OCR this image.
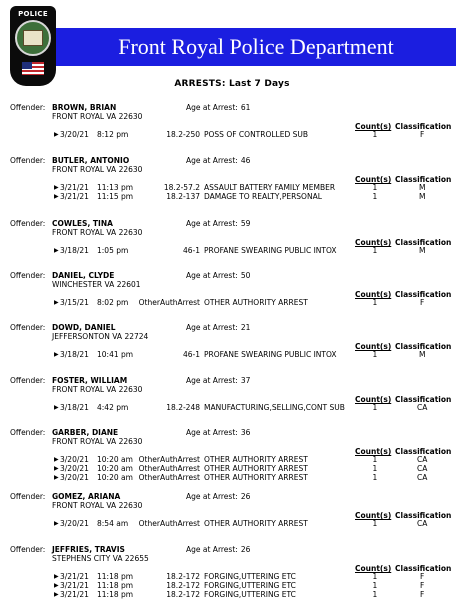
POLICE
Front Royal Police Department
ARRESTS: Last 7 Days
Offender: BROWN, BRIAN	Age at Arrest: 61
FRONT ROYAL VA 22630
Count(s) Classification
▶ 3/20/21 8:12 pm	18.2-250 POSS OF CONTROLLED SUB	1	F
Offender: BUTLER, ANTONIO	Age at Arrest: 46
FRONT ROYAL VA 22630
Count(s) Classification
▶ 3/21/21 11:13 pm	18.2-57.2 ASSAULT BATTERY FAMILY MEMBER	1	M
▶ 3/21/21 11:15 pm	18.2-137 DAMAGE TO REALTY,PERSONAL	1	M
Offender: COWLES, TINA	Age at Arrest: 59
FRONT ROYAL VA 22630
Count(s) Classification
▶ 3/18/21 1:05 pm	46-1 PROFANE SWEARING PUBLIC INTOX	1	M
Offender: DANIEL, CLYDE	Age at Arrest: 50
WINCHESTER VA 22601
Count(s) Classification
▶ 3/15/21 8:02 pm OtherAuthArrest OTHER AUTHORITY ARREST	1	F
Offender: DOWD, DANIEL	Age at Arrest: 21
JEFFERSONTON VA 22724
Count(s) Classification
▶ 3/18/21 10:41 pm	46-1 PROFANE SWEARING PUBLIC INTOX	1	M
Offender: FOSTER, WILLIAM	Age at Arrest: 37
FRONT ROYAL VA 22630
Count(s) Classification
▶ 3/18/21 4:42 pm	18.2-248 MANUFACTURING,SELLING,CONT SUB	1	CA
Offender: GARBER, DIANE	Age at Arrest: 36
FRONT ROYAL VA 22630
Count(s) Classification
▶ 3/20/21 10:20 am OtherAuthArrest OTHER AUTHORITY ARREST	1	CA
▶ 3/20/21 10:20 am OtherAuthArrest OTHER AUTHORITY ARREST	1	CA
▶ 3/20/21 10:20 am OtherAuthArrest OTHER AUTHORITY ARREST	1	CA
Offender: GOMEZ, ARIANA	Age at Arrest: 26
FRONT ROYAL VA 22630
Count(s) Classification
▶ 3/20/21 8:54 am OtherAuthArrest OTHER AUTHORITY ARREST	1	CA
Offender: JEFFRIES, TRAVIS	Age at Arrest: 26
STEPHENS CITY VA 22655
Count(s) Classification
▶ 3/21/21 11:18 pm	18.2-172 FORGING,UTTERING ETC	1	F
▶ 3/21/21 11:18 pm	18.2-172 FORGING,UTTERING ETC	1	F
▶ 3/21/21 11:18 pm	18.2-172 FORGING,UTTERING ETC	1	F
